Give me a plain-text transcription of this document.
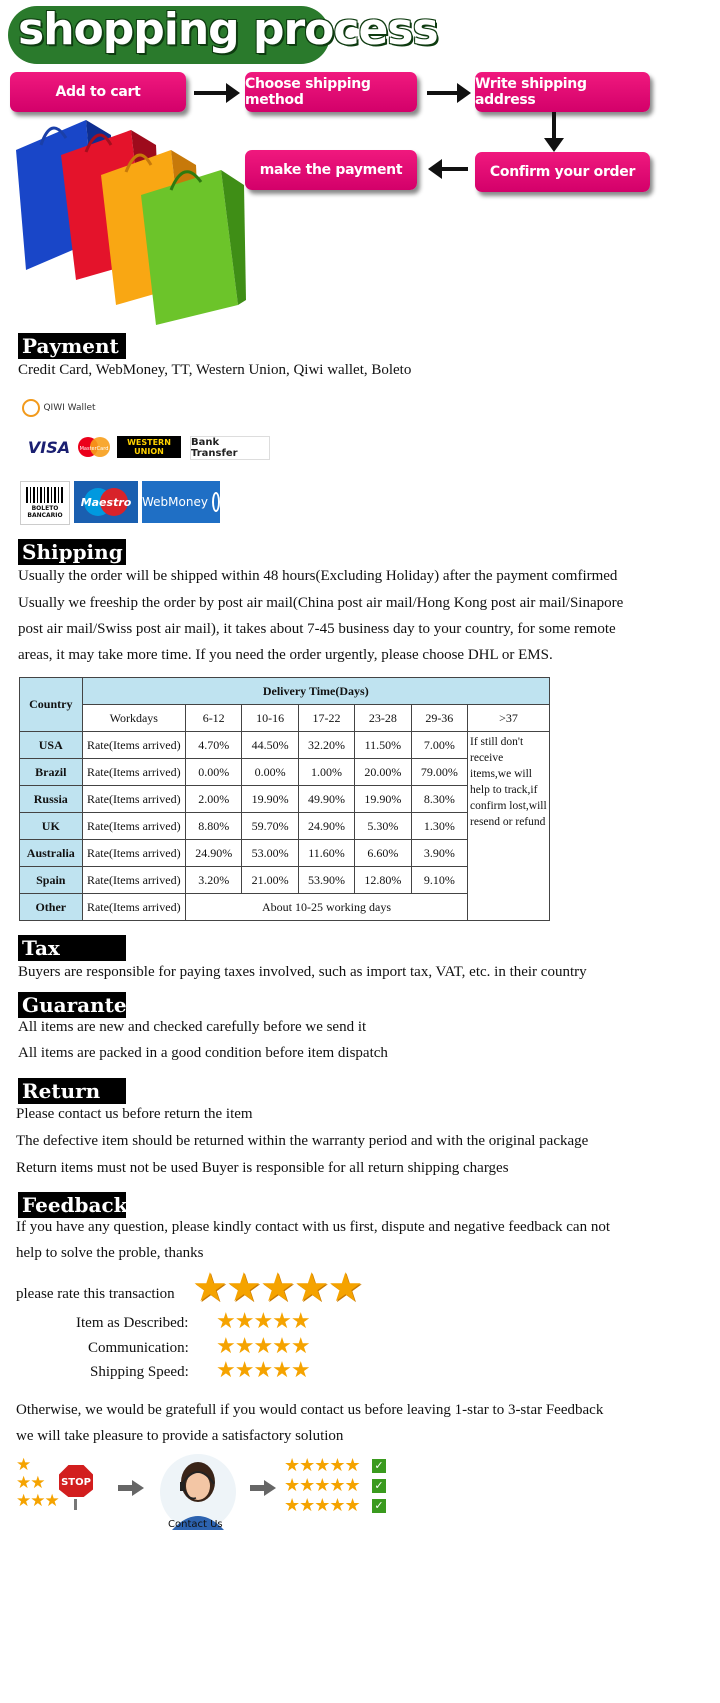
shopping process
Add to cart	Choose shipping method
Write shipping address
Confirm your order
make the payment
Payment
Credit Card, WebMoney, TT, Western Union, Qiwi wallet, Boleto
QIWI Wallet
VISA	MasterCard
WESTERN UNION
Bank Transfer
BOLETO BANCARIO
Maestro WebMoney
Shipping
Usually the order will be shipped within 48 hours(Excluding Holiday) after the payment comfirmed
Usually we freeship the order by post air mail(China post air mail/Hong Kong post air mail/Sinapore
post air mail/Swiss post air mail), it takes about 7-45 business day to your country, for some remote
areas, it may take more time. If you need the order urgently, please choose DHL or EMS.
Country	Delivery Time(Days)						
	Workdays	6-12	10-16	17-22	23-28	29-36	>37
USA	Rate(Items arrived)	4.70%	44.50%	32.20%	11.50%	7.00%	If still don't receive items,we will help to track,if confirm lost,will resend or refund
Brazil	Rate(Items arrived)	0.00%	0.00%	1.00%	20.00%	79.00%	
Russia	Rate(Items arrived)	2.00%	19.90%	49.90%	19.90%	8.30%	
UK	Rate(Items arrived)	8.80%	59.70%	24.90%	5.30%	1.30%	
Australia	Rate(Items arrived)	24.90%	53.00%	11.60%	6.60%	3.90%	
Spain	Rate(Items arrived)	3.20%	21.00%	53.90%	12.80%	9.10%	
Other	Rate(Items arrived)	About 10-25 working days					
Tax
Buyers are responsible for paying taxes involved, such as import tax, VAT, etc. in their country
Guarantee
All items are new and checked carefully before we send it
All items are packed in a good condition before item dispatch
Return
Please contact us before return the item
The defective item should be returned within the warranty period and with the original package
Return items must not be used Buyer is responsible for all return shipping charges
Feedback
If you have any question, please kindly contact with us first, dispute and negative feedback can not
help to solve the proble, thanks
please rate this transaction ★★★★★
Item as Described: ★★★★★
Communication: ★★★★★
Shipping Speed: ★★★★★
Otherwise, we would be gratefull if you would contact us before leaving 1-star to 3-star Feedback
we will take pleasure to provide a satisfactory solution
★
★★
★★★
STOP
Contact Us
★★★★★ ✓
★★★★★ ✓
★★★★★ ✓
